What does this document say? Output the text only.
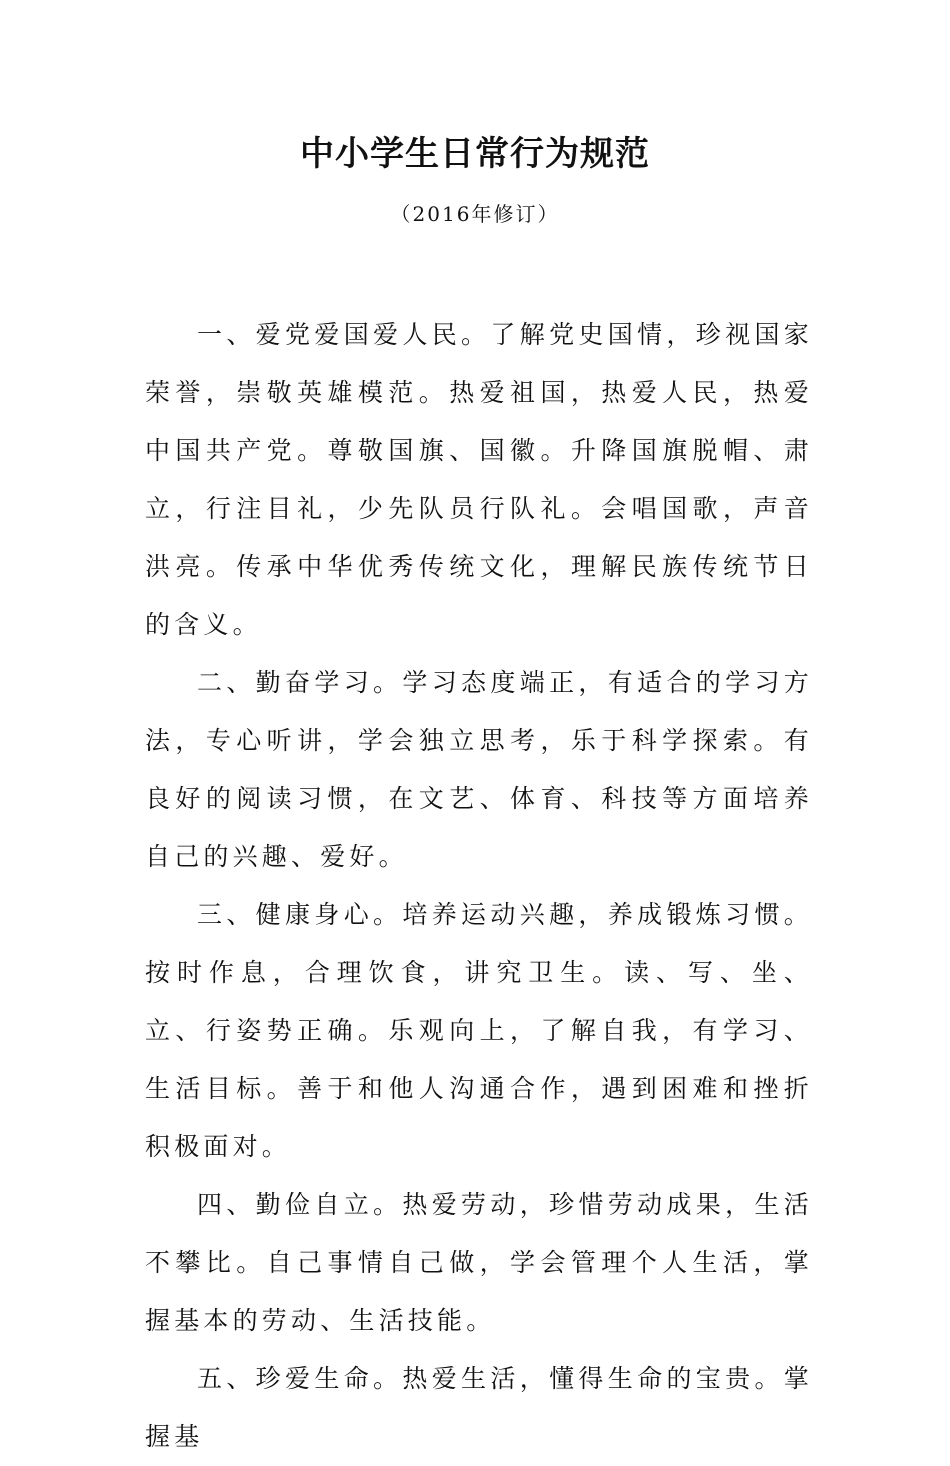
中小学生日常行为规范
（2016年修订）

一、爱党爱国爱人民。了解党史国情，珍视国家荣誉，崇敬英雄模范。热爱祖国，热爱人民，热爱中国共产党。尊敬国旗、国徽。升降国旗脱帽、肃立，行注目礼，少先队员行队礼。会唱国歌，声音洪亮。传承中华优秀传统文化，理解民族传统节日的含义。

二、勤奋学习。学习态度端正，有适合的学习方法，专心听讲，学会独立思考，乐于科学探索。有良好的阅读习惯，在文艺、体育、科技等方面培养自己的兴趣、爱好。

三、健康身心。培养运动兴趣，养成锻炼习惯。按时作息，合理饮食，讲究卫生。读、写、坐、立、行姿势正确。乐观向上，了解自我，有学习、生活目标。善于和他人沟通合作，遇到困难和挫折积极面对。

四、勤俭自立。热爱劳动，珍惜劳动成果，生活不攀比。自己事情自己做，学会管理个人生活，掌握基本的劳动、生活技能。

五、珍爱生命。热爱生活，懂得生命的宝贵。掌握基
